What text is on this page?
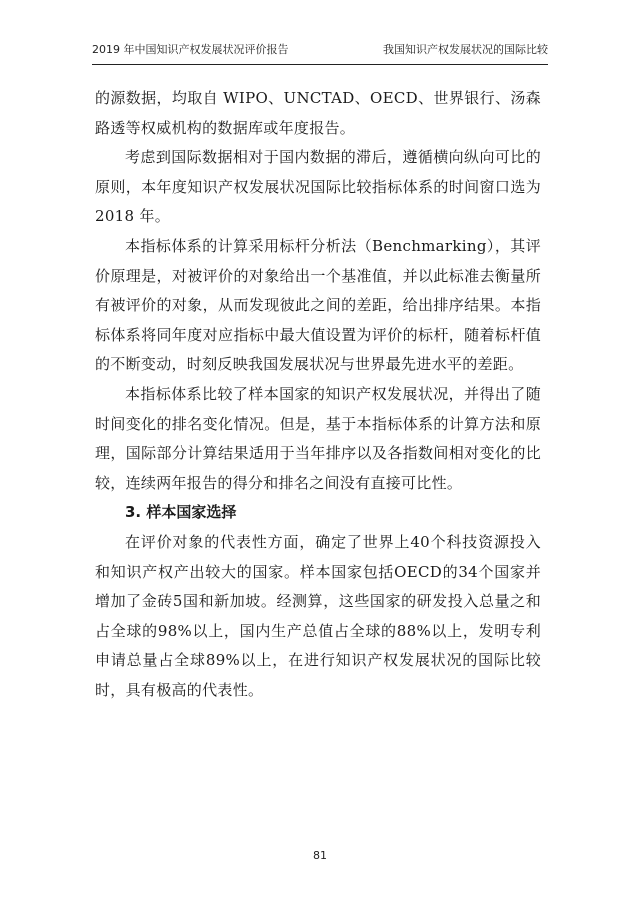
2019 年中国知识产权发展状况评价报告	我国知识产权发展状况的国际比较

的源数据，均取自 WIPO、UNCTAD、OECD、世界银行、汤森路透等权威机构的数据库或年度报告。

考虑到国际数据相对于国内数据的滞后，遵循横向纵向可比的原则，本年度知识产权发展状况国际比较指标体系的时间窗口选为 2018 年。

本指标体系的计算采用标杆分析法（Benchmarking），其评价原理是，对被评价的对象给出一个基准值，并以此标准去衡量所有被评价的对象，从而发现彼此之间的差距，给出排序结果。本指标体系将同年度对应指标中最大值设置为评价的标杆，随着标杆值的不断变动，时刻反映我国发展状况与世界最先进水平的差距。

本指标体系比较了样本国家的知识产权发展状况，并得出了随时间变化的排名变化情况。但是，基于本指标体系的计算方法和原理，国际部分计算结果适用于当年排序以及各指数间相对变化的比较，连续两年报告的得分和排名之间没有直接可比性。

3. 样本国家选择

在评价对象的代表性方面，确定了世界上40个科技资源投入和知识产权产出较大的国家。样本国家包括OECD的34个国家并增加了金砖5国和新加坡。经测算，这些国家的研发投入总量之和占全球的98%以上，国内生产总值占全球的88%以上，发明专利申请总量占全球89%以上，在进行知识产权发展状况的国际比较时，具有极高的代表性。

81
